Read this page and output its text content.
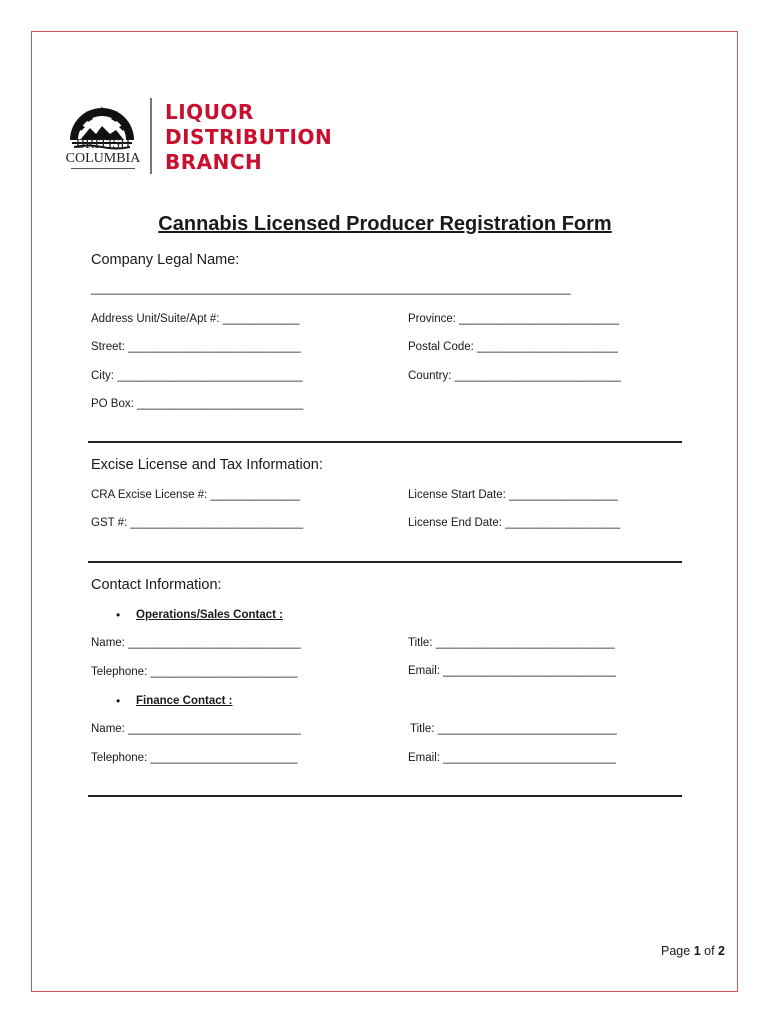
BRITISH
COLUMBIA
LIQUOR
DISTRIBUTION
BRANCH
Cannabis Licensed Producer Registration Form
Company Legal Name:
___________________________________________________________________________
Address Unit/Suite/Apt #: ____________
Street: ___________________________
City: _____________________________
PO Box: __________________________
Province: _________________________
Postal Code: ______________________
Country: __________________________
Excise License and Tax Information:
CRA Excise License #: ______________
GST #: ___________________________
License Start Date: _________________
License End Date: __________________
Contact Information:
• Operations/Sales Contact :
Name: ___________________________
Telephone: _______________________
Title: ____________________________
Email: ___________________________
• Finance Contact :
Name: ___________________________
Telephone: _______________________
Title: ____________________________
Email: ___________________________
Page 1 of 2
